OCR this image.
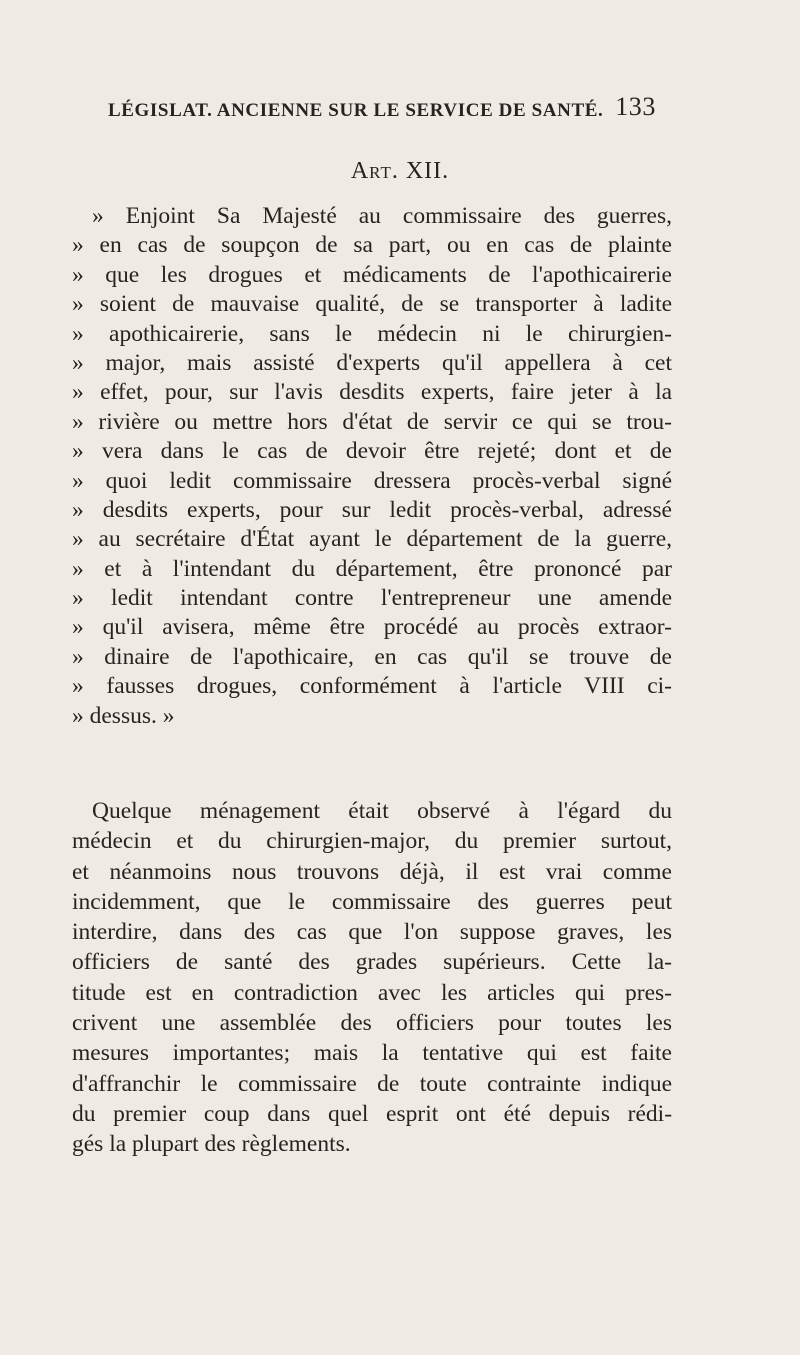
LÉGISLAT. ANCIENNE SUR LE SERVICE DE SANTÉ. 133
Art. XII.
» Enjoint Sa Majesté au commissaire des guerres,
» en cas de soupçon de sa part, ou en cas de plainte
» que les drogues et médicaments de l'apothicairerie
» soient de mauvaise qualité, de se transporter à ladite
» apothicairerie, sans le médecin ni le chirurgien-
» major, mais assisté d'experts qu'il appellera à cet
» effet, pour, sur l'avis desdits experts, faire jeter à la
» rivière ou mettre hors d'état de servir ce qui se trou-
» vera dans le cas de devoir être rejeté; dont et de
» quoi ledit commissaire dressera procès-verbal signé
» desdits experts, pour sur ledit procès-verbal, adressé
» au secrétaire d'État ayant le département de la guerre,
» et à l'intendant du département, être prononcé par
» ledit intendant contre l'entrepreneur une amende
» qu'il avisera, même être procédé au procès extraor-
» dinaire de l'apothicaire, en cas qu'il se trouve de
» fausses drogues, conformément à l'article VIII ci-
» dessus. »
Quelque ménagement était observé à l'égard du
médecin et du chirurgien-major, du premier surtout,
et néanmoins nous trouvons déjà, il est vrai comme
incidemment, que le commissaire des guerres peut
interdire, dans des cas que l'on suppose graves, les
officiers de santé des grades supérieurs. Cette la-
titude est en contradiction avec les articles qui pres-
crivent une assemblée des officiers pour toutes les
mesures importantes; mais la tentative qui est faite
d'affranchir le commissaire de toute contrainte indique
du premier coup dans quel esprit ont été depuis rédi-
gés la plupart des règlements.
